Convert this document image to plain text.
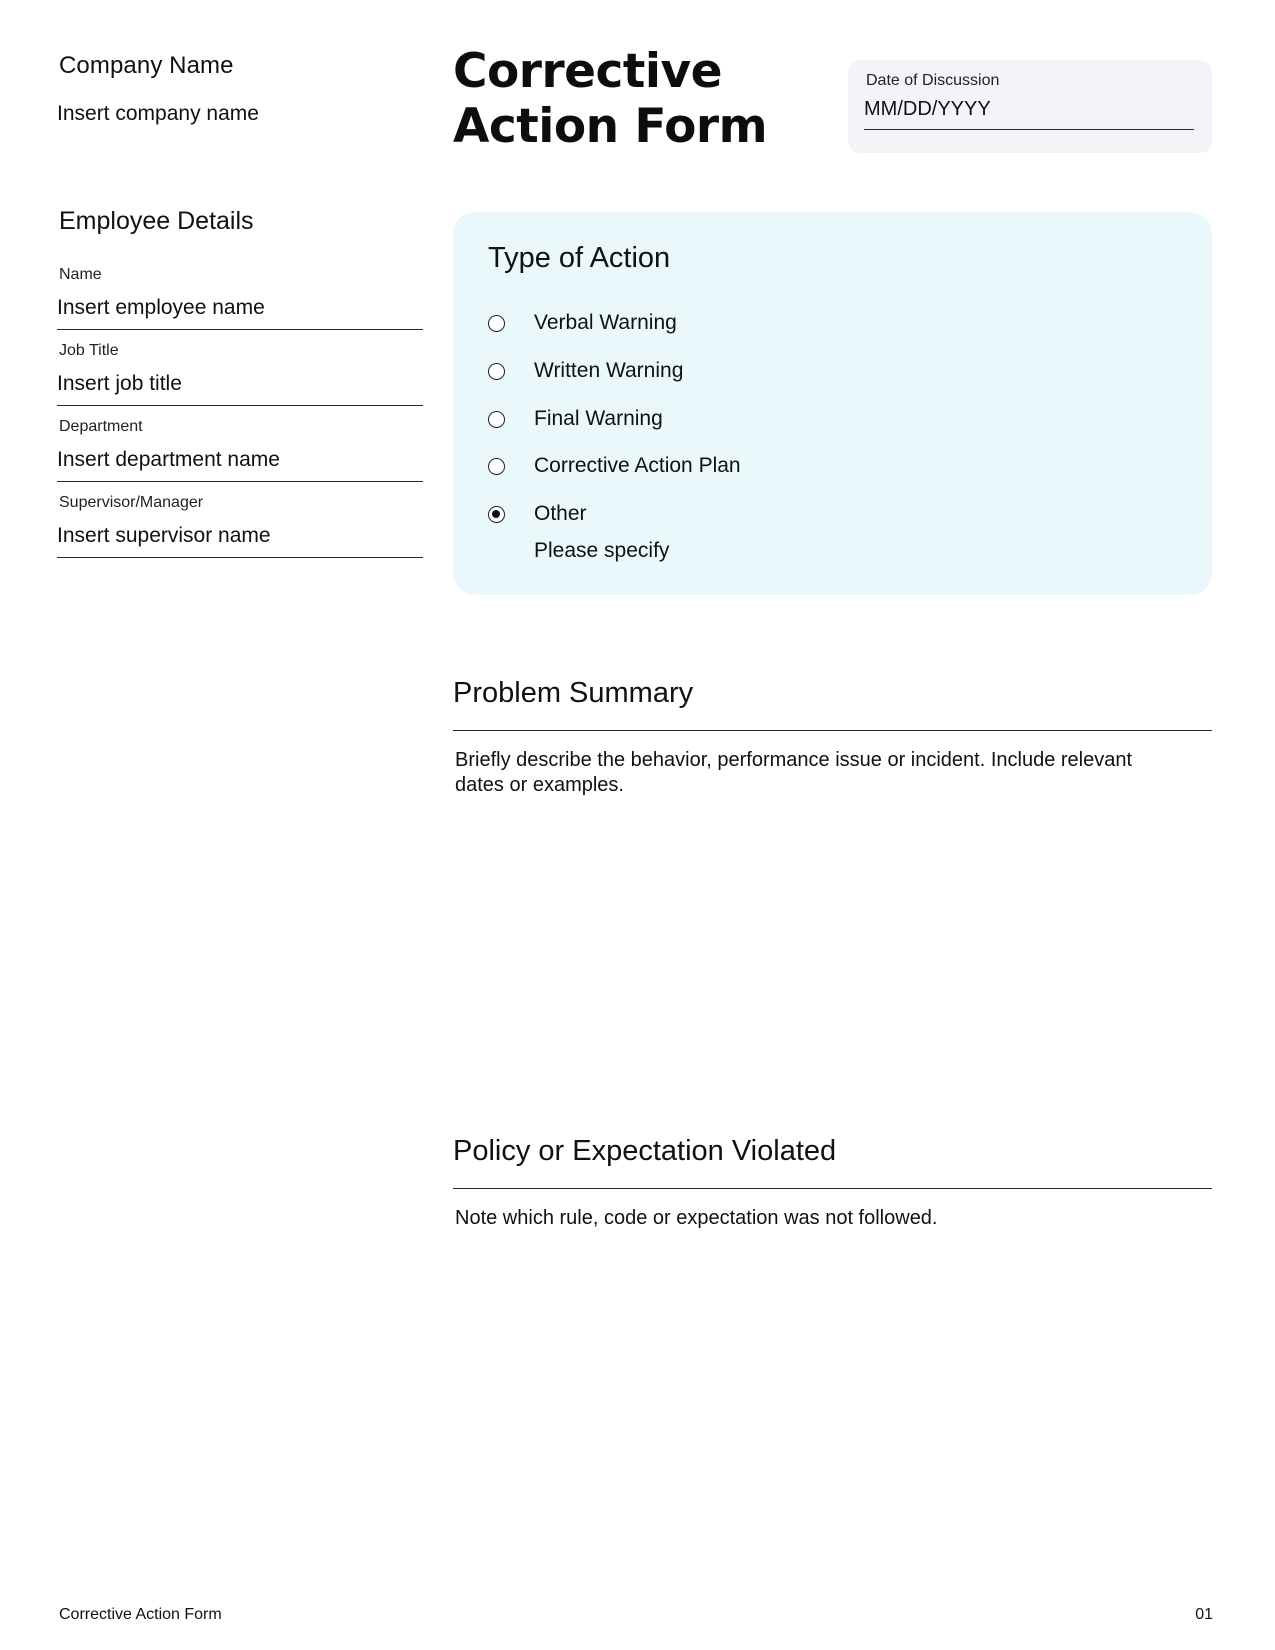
Company Name
Insert company name
Corrective
Action Form
Date of Discussion
MM/DD/YYYY
Employee Details
Name
Insert employee name
Job Title
Insert job title
Department
Insert department name
Supervisor/Manager
Insert supervisor name
Type of Action
Verbal Warning
Written Warning
Final Warning
Corrective Action Plan
Other
Please specify
Problem Summary
Briefly describe the behavior, performance issue or incident. Include relevant dates or examples.
Policy or Expectation Violated
Note which rule, code or expectation was not followed.
Corrective Action Form	01
